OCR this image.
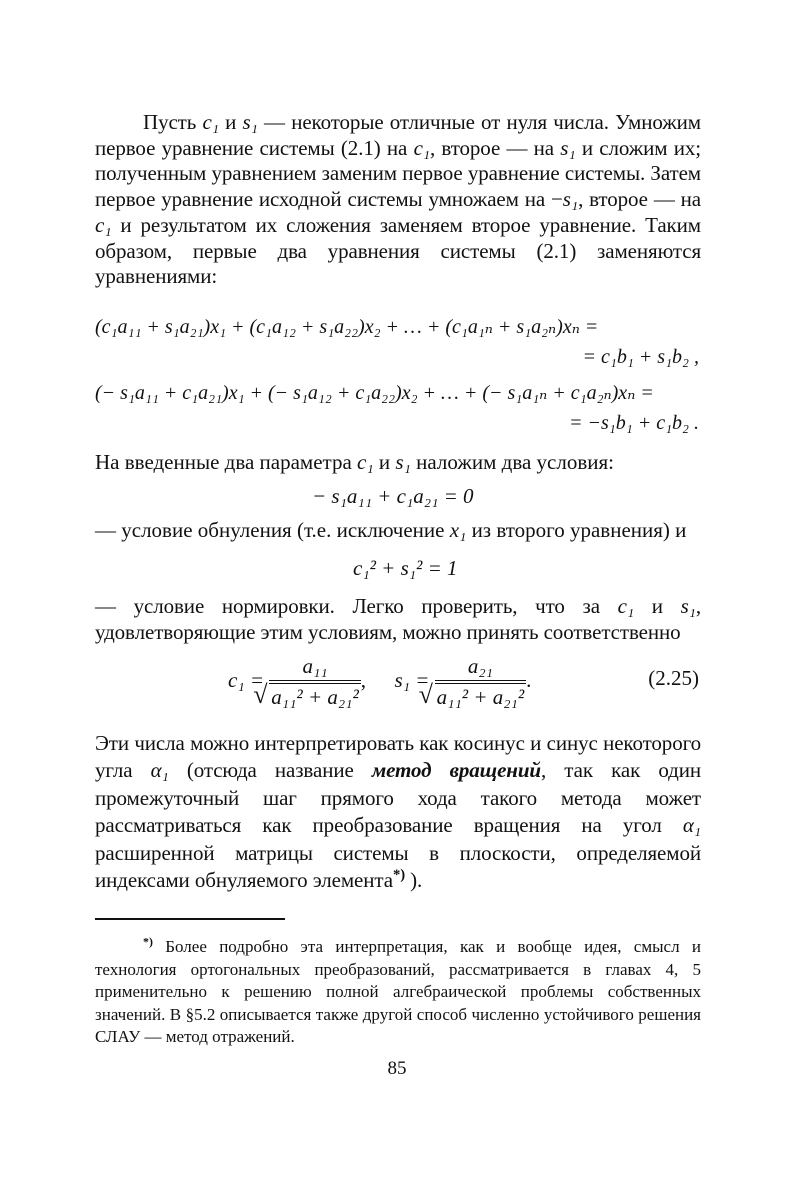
Пусть c₁ и s₁ — некоторые отличные от нуля числа. Умножим первое уравнение системы (2.1) на c₁, второе — на s₁ и сложим их; полученным уравнением заменим первое уравнение системы. Затем первое уравнение исходной системы умножаем на −s₁, второе — на c₁ и результатом их сложения заменяем второе уравнение. Таким образом, первые два уравнения системы (2.1) заменяются уравнениями:
(c₁a₁₁ + s₁a₂₁)x₁ + (c₁a₁₂ + s₁a₂₂)x₂ + … + (c₁a₁ₙ + s₁a₂ₙ)xₙ =
= c₁b₁ + s₁b₂ ,
(− s₁a₁₁ + c₁a₂₁)x₁ + (− s₁a₁₂ + c₁a₂₂)x₂ + … + (− s₁a₁ₙ + c₁a₂ₙ)xₙ =
= −s₁b₁ + c₁b₂ .
На введенные два параметра c₁ и s₁ наложим два условия:
− s₁a₁₁ + c₁a₂₁ = 0
— условие обнуления (т.е. исключение x₁ из второго уравнения) и
c₁² + s₁² = 1
— условие нормировки. Легко проверить, что за c₁ и s₁, удовлетворяющие этим условиям, можно принять соответственно
c₁ = a₁₁
√ a₁₁² + a₂₁² , s₁ = a₂₁
√ a₁₁² + a₂₁² .	(2.25)
Эти числа можно интерпретировать как косинус и синус некоторого угла α₁ (отсюда название метод вращений, так как один промежуточный шаг прямого хода такого метода может рассматриваться как преобразование вращения на угол α₁ расширенной матрицы системы в плоскости, определяемой индексами обнуляемого элемента*) ).
*) Более подробно эта интерпретация, как и вообще идея, смысл и технология ортогональных преобразований, рассматривается в главах 4, 5 применительно к решению полной алгебраической проблемы собственных значений. В §5.2 описывается также другой способ численно устойчивого решения СЛАУ — метод отражений.
85
